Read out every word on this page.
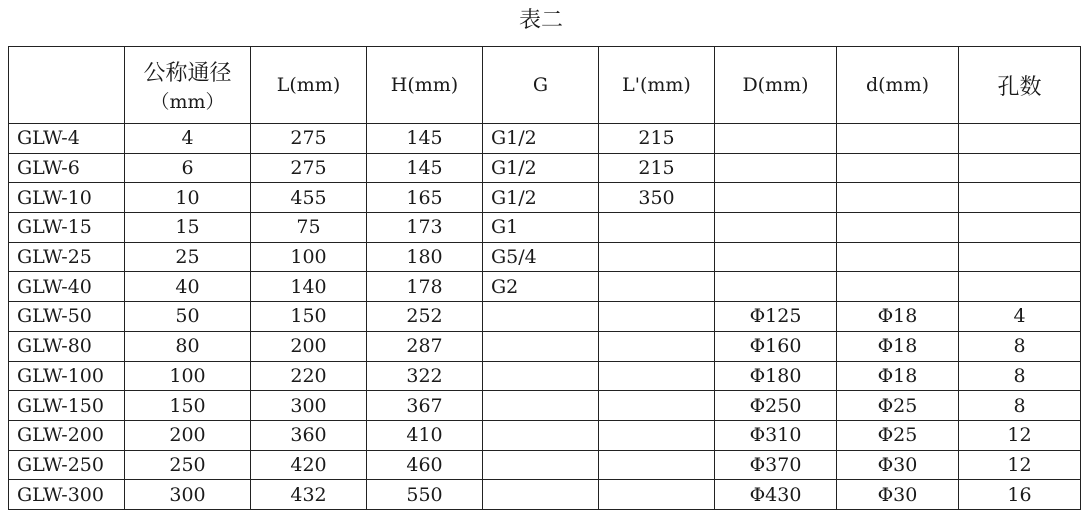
表二
	公称通径
（mm）	L(mm)	H(mm)	G	L'(mm)	D(mm)	d(mm)	孔数
GLW-4	4	275	145	G1/2	215			
GLW-6	6	275	145	G1/2	215			
GLW-10	10	455	165	G1/2	350			
GLW-15	15	75	173	G1				
GLW-25	25	100	180	G5/4				
GLW-40	40	140	178	G2				
GLW-50	50	150	252			Φ125	Φ18	4
GLW-80	80	200	287			Φ160	Φ18	8
GLW-100	100	220	322			Φ180	Φ18	8
GLW-150	150	300	367			Φ250	Φ25	8
GLW-200	200	360	410			Φ310	Φ25	12
GLW-250	250	420	460			Φ370	Φ30	12
GLW-300	300	432	550			Φ430	Φ30	16
